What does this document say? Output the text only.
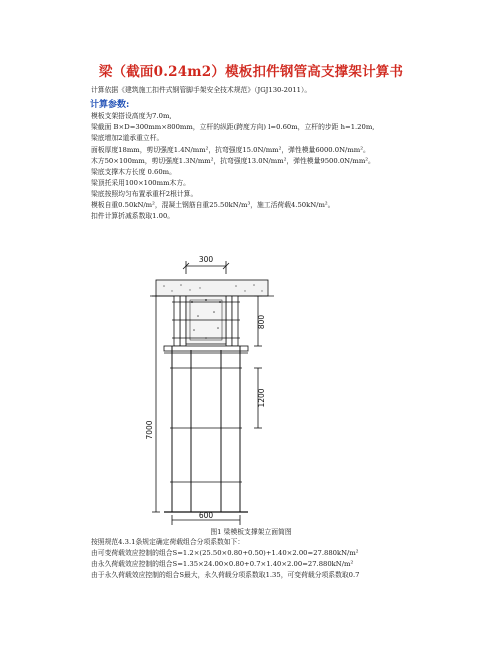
梁（截面0.24m2）模板扣件钢管高支撑架计算书
计算依据《建筑施工扣件式钢管脚手架安全技术规范》（JGJ130-2011）。
计算参数:
模板支架搭设高度为7.0m,
梁截面 B×D=300mm×800mm，立杆的纵距(跨度方向) l=0.60m，立杆的步距 h=1.20m,
梁底增加2道承重立杆。
面板厚度18mm，剪切强度1.4N/mm²，抗弯强度15.0N/mm²，弹性模量6000.0N/mm²。
木方50×100mm，剪切强度1.3N/mm²，抗弯强度13.0N/mm²，弹性模量9500.0N/mm²。
梁底支撑木方长度 0.60m。
梁顶托采用100×100mm木方。
梁底按照均匀布置承重杆2根计算。
模板自重0.50kN/m²，混凝土钢筋自重25.50kN/m³，施工活荷载4.50kN/m²。
扣件计算折减系数取1.00。
300
800
1200
7000
600
图1 梁模板支撑架立面简图
按照规范4.3.1条规定确定荷载组合分项系数如下：
由可变荷载效应控制的组合S=1.2×(25.50×0.80+0.50)+1.40×2.00=27.880kN/m²
由永久荷载效应控制的组合S=1.35×24.00×0.80+0.7×1.40×2.00=27.880kN/m²
由于永久荷载效应控制的组合S最大，永久荷载分项系数取1.35，可变荷载分项系数取0.7
